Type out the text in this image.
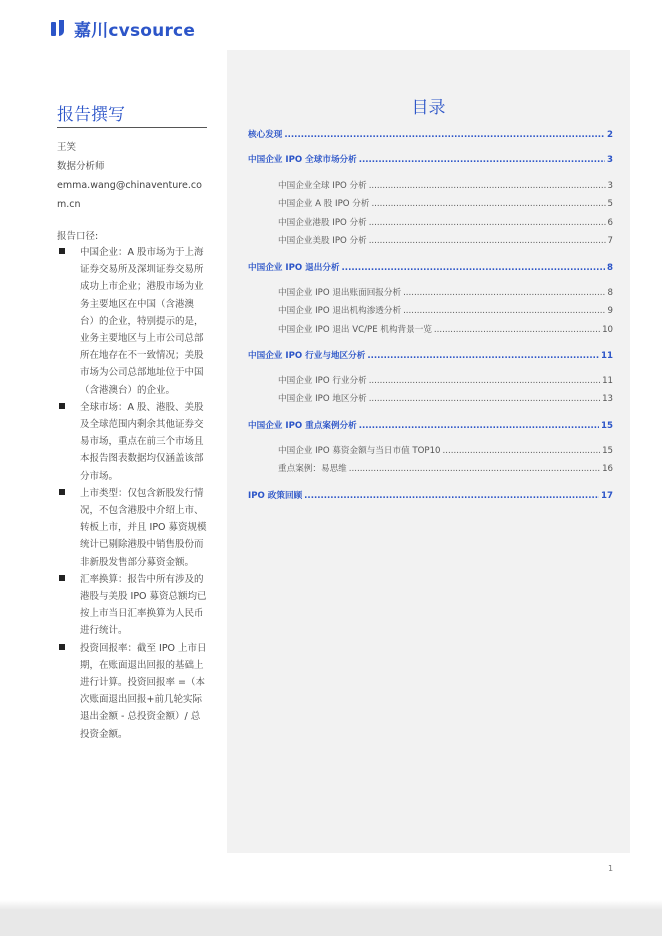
嘉川cvsource
报告撰写
王笑
数据分析师
emma.wang@chinaventure.com.cn
报告口径:
中国企业：A 股市场为于上海证券交易所及深圳证券交易所成功上市企业；港股市场为业务主要地区在中国（含港澳台）的企业，特别提示的是，业务主要地区与上市公司总部所在地存在不一致情况；美股市场为公司总部地址位于中国（含港澳台）的企业。
全球市场：A 股、港股、美股及全球范围内剩余其他证券交易市场，重点在前三个市场且本报告图表数据均仅涵盖该部分市场。
上市类型：仅包含新股发行情况，不包含港股中介绍上市、转板上市，并且 IPO 募资规模统计已剔除港股中销售股份而非新股发售部分募资金额。
汇率换算：报告中所有涉及的港股与美股 IPO 募资总额均已按上市当日汇率换算为人民币进行统计。
投资回报率：截至 IPO 上市日期，在账面退出回报的基础上进行计算。投资回报率 =（本次账面退出回报+前几轮实际退出金额 - 总投资金额）/ 总投资金额。
目录
核心发现 .....	2
中国企业 IPO 全球市场分析 .....	3
中国企业全球 IPO 分析 .....	3
中国企业 A 股 IPO 分析 .....	5
中国企业港股 IPO 分析 .....	6
中国企业美股 IPO 分析 .....	7
中国企业 IPO 退出分析 .....	8
中国企业 IPO 退出账面回报分析 .....	8
中国企业 IPO 退出机构渗透分析 .....	9
中国企业 IPO 退出 VC/PE 机构背景一览 .....	10
中国企业 IPO 行业与地区分析 .....	11
中国企业 IPO 行业分析 .....	11
中国企业 IPO 地区分析 .....	13
中国企业 IPO 重点案例分析 .....	15
中国企业 IPO 募资金额与当日市值 TOP10 .....	15
重点案例：易思维 .....	16
IPO 政策回顾 .....	17
1
